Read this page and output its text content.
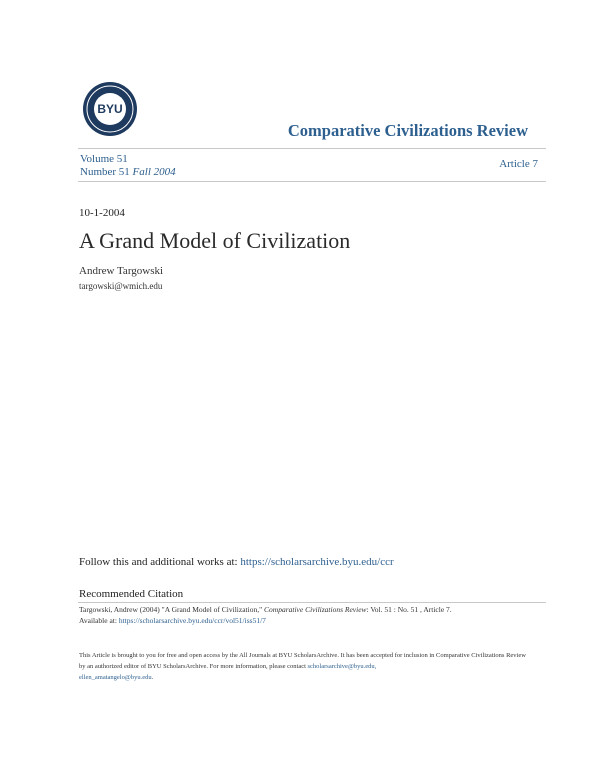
BYU
Comparative Civilizations Review
Volume 51
Number 51 Fall 2004
Article 7
10-1-2004
A Grand Model of Civilization
Andrew Targowski
targowski@wmich.edu
Follow this and additional works at: https://scholarsarchive.byu.edu/ccr
Recommended Citation
Targowski, Andrew (2004) "A Grand Model of Civilization," Comparative Civilizations Review: Vol. 51 : No. 51 , Article 7.
Available at: https://scholarsarchive.byu.edu/ccr/vol51/iss51/7
This Article is brought to you for free and open access by the All Journals at BYU ScholarsArchive. It has been accepted for inclusion in Comparative Civilizations Review by an authorized editor of BYU ScholarsArchive. For more information, please contact scholarsarchive@byu.edu,
ellen_amatangelo@byu.edu.
